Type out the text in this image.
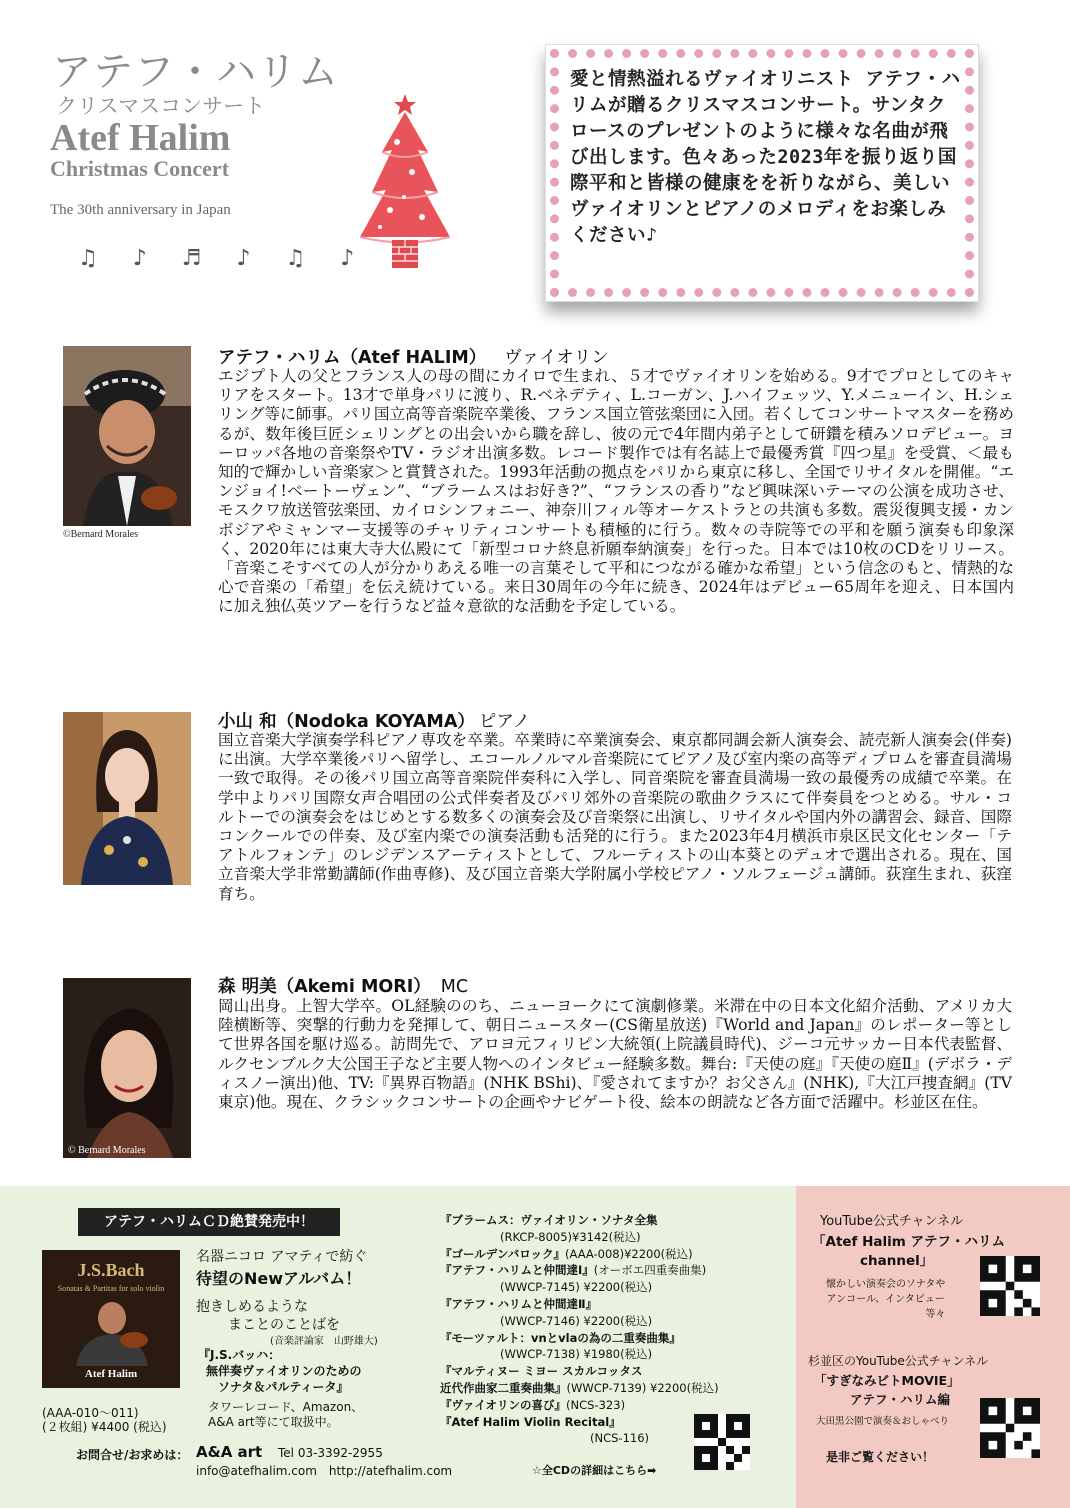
アテフ・ハリム
クリスマスコンサート
Atef Halim
Christmas Concert
The 30th anniversary in Japan
♫ ♪ ♬ ♪ ♫ ♪
愛と情熱溢れるヴァイオリニスト アテフ・ハリムが贈るクリスマスコンサート。サンタクロースのプレゼントのように様々な名曲が飛び出します。色々あった2023年を振り返り国際平和と皆様の健康をを祈りながら、美しいヴァイオリンとピアノのメロディをお楽しみください♪
©Bernard Morales
アテフ・ハリム（Atef HALIM） ヴァイオリン
エジプト人の父とフランス人の母の間にカイロで生まれ、５才でヴァイオリンを始める。9才でプロとしてのキャリアをスタート。13才で単身パリに渡り、R.ベネデティ、L.コーガン、J.ハイフェッツ、Y.メニューイン、H.シェリング等に師事。パリ国立高等音楽院卒業後、フランス国立管弦楽団に入団。若くしてコンサートマスターを務めるが、数年後巨匠シェリングとの出会いから職を辞し、彼の元で4年間内弟子として研鑽を積みソロデビュー。ヨーロッパ各地の音楽祭やTV・ラジオ出演多数。レコード製作では有名誌上で最優秀賞『四つ星』を受賞、＜最も知的で輝かしい音楽家＞と賞賛された。1993年活動の拠点をパリから東京に移し、全国でリサイタルを開催。“エンジョイ!ベートーヴェン”、“ブラームスはお好き?”、“フランスの香り”など興味深いテーマの公演を成功させ、モスクワ放送管弦楽団、カイロシンフォニー、神奈川フィル等オーケストラとの共演も多数。震災復興支援・カンボジアやミャンマー支援等のチャリティコンサートも積極的に行う。数々の寺院等での平和を願う演奏も印象深く、2020年には東大寺大仏殿にて「新型コロナ終息祈願奉納演奏」を行った。日本では10枚のCDをリリース。「音楽こそすべての人が分かりあえる唯一の言葉そして平和につながる確かな希望」という信念のもと、情熱的な心で音楽の「希望」を伝え続けている。来日30周年の今年に続き、2024年はデビュー65周年を迎え、日本国内に加え独仏英ツアーを行うなど益々意欲的な活動を予定している。
小山 和（Nodoka KOYAMA） ピアノ
国立音楽大学演奏学科ピアノ専攻を卒業。卒業時に卒業演奏会、東京都同調会新人演奏会、読売新人演奏会(伴奏)に出演。大学卒業後パリへ留学し、エコールノルマル音楽院にてピアノ及び室内楽の高等ディプロムを審査員満場一致で取得。その後パリ国立高等音楽院伴奏科に入学し、同音楽院を審査員満場一致の最優秀の成績で卒業。在学中よりパリ国際女声合唱団の公式伴奏者及びパリ郊外の音楽院の歌曲クラスにて伴奏員をつとめる。サル・コルトーでの演奏会をはじめとする数多くの演奏会及び音楽祭に出演し、リサイタルや国内外の講習会、録音、国際コンクールでの伴奏、及び室内楽での演奏活動も活発的に行う。また2023年4月横浜市泉区民文化センター「テアトルフォンテ」のレジデンスアーティストとして、フルーティストの山本葵とのデュオで選出される。現在、国立音楽大学非常勤講師(作曲専修)、及び国立音楽大学附属小学校ピアノ・ソルフェージュ講師。荻窪生まれ、荻窪育ち。
© Bernard Morales
森 明美（Akemi MORI） MC
岡山出身。上智大学卒。OL経験ののち、ニューヨークにて演劇修業。米滞在中の日本文化紹介活動、アメリカ大陸横断等、突撃的行動力を発揮して、朝日ニュ−スター(CS衛星放送)『World and Japan』のレポーター等として世界各国を駆け巡る。訪問先で、アロヨ元フィリピン大統領(上院議員時代)、ジーコ元サッカー日本代表監督、ルクセンブルク大公国王子など主要人物へのインタビュー経験多数。舞台:『天使の庭』『天使の庭Ⅱ』(デボラ・ディスノー演出)他、TV:『異界百物語』(NHK BShi)、『愛されてますか？お父さん』(NHK),『大江戸捜査網』(TV東京)他。現在、クラシックコンサートの企画やナビゲート役、絵本の朗読など各方面で活躍中。杉並区在住。
アテフ・ハリムＣＤ絶賛発売中！
J.S.Bach
Sonatas & Partitas for solo violin
Atef Halim
名器ニコロ アマティで紡ぐ
待望のNewアルバム！
抱きしめるような
まことのことばを
(音楽評論家　山野雄大)
『J.S.バッハ：
無伴奏ヴァイオリンのための
ソナタ＆パルティータ』
タワーレコード、Amazon、
A&A art等にて取扱中。
(AAA-010〜011)
(２枚組) ¥4400 (税込)
お問合せ/お求めは： A&A art Tel 03-3392-2955
info@atefhalim.com　http://atefhalim.com
『ブラームス：ヴァイオリン・ソナタ全集
(RKCP-8005)¥3142(税込)
『ゴールデンバロック』(AAA-008)¥2200(税込)
『アテフ・ハリムと仲間達Ⅰ』(オーボエ四重奏曲集)
(WWCP-7145) ¥2200(税込)
『アテフ・ハリムと仲間達Ⅱ』
(WWCP-7146) ¥2200(税込)
『モーツァルト：vnとvlaの為の二重奏曲集』
(WWCP-7138) ¥1980(税込)
『マルティヌー ミヨー スカルコッタス
近代作曲家二重奏曲集』(WWCP-7139) ¥2200(税込)
『ヴァイオリンの喜び』(NCS-323)
『Atef Halim Violin Recital』
(NCS-116)
☆全CDの詳細はこちら➡
YouTube公式チャンネル
「Atef Halim アテフ・ハリム
channel」
懐かしい演奏会のソナタや
アンコール、インタビュー
等々
杉並区のYouTube公式チャンネル
「すぎなみビトMOVIE」
アテフ・ハリム編
大田黒公園で演奏＆おしゃべり
是非ご覧ください！
